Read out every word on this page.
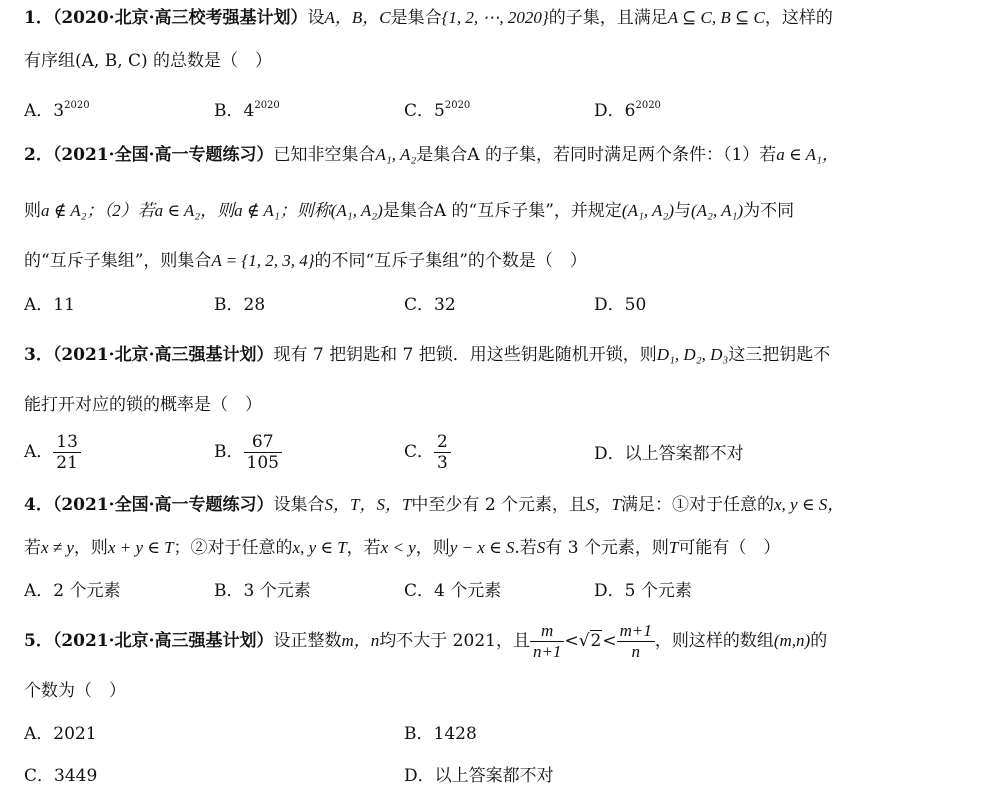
1．（2020·北京·高三校考强基计划）设A，B，C是集合{1, 2, ⋯, 2020}的子集，且满足A ⊆ C, B ⊆ C，这样的
有序组(A, B, C) 的总数是（　）
A．$3^{2020}$	B．$4^{2020}$	C．$5^{2020}$	D．$6^{2020}$
2．（2021·全国·高一专题练习）已知非空集合A₁, A₂是集合A 的子集，若同时满足两个条件：（1）若a ∈ A₁，
则a ∉ A₂；（2）若a ∈ A₂，则a ∉ A₁；则称(A₁, A₂)是集合A 的“互斥子集”，并规定(A₁, A₂)与(A₂, A₁)为不同
的“互斥子集组”，则集合A = {1, 2, 3, 4}的不同“互斥子集组”的个数是（　）
A．11	B．28	C．32	D．50
3．（2021·北京·高三强基计划）现有 7 把钥匙和 7 把锁．用这些钥匙随机开锁，则D₁, D₂, D₃这三把钥匙不
能打开对应的锁的概率是（　）
A． $\frac{13}{21}$	B． $\frac{67}{105}$	C． $\frac{2}{3}$	D．以上答案都不对
4．（2021·全国·高一专题练习）设集合S，T，S，T中至少有 2 个元素，且S，T满足：①对于任意的x, y ∈ S，
若x ≠ y，则x + y ∈ T；②对于任意的x, y ∈ T，若x < y，则y − x ∈ S.若S有 3 个元素，则T可能有（　）
A．2 个元素	B．3 个元素	C．4 个元素	D．5 个元素
5．（2021·北京·高三强基计划）设正整数m，n均不大于 2021，且 $\frac{m}{n+1} <√2< \frac{m+1}{n}$ ，则这样的数组(m,n)的
个数为（　）
A．2021	B．1428
C．3449	D．以上答案都不对
